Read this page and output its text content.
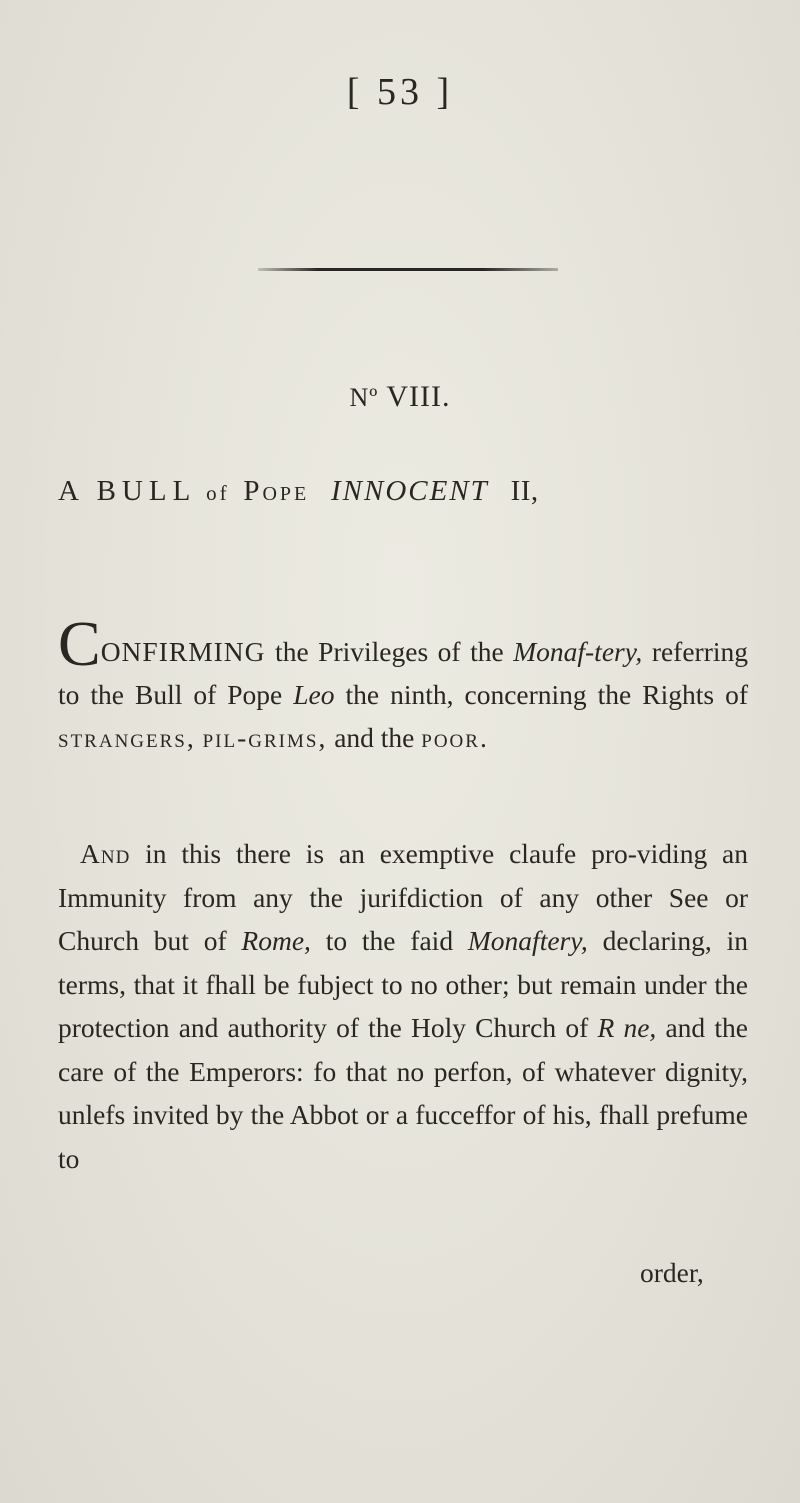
[ 53 ]
Nº VIII.
A BULL of Pope INNOCENT II,
CONFIRMING the Privileges of the Monaf-tery, referring to the Bull of Pope Leo the ninth, concerning the Rights of strangers, pil-grims, and the poor.
And in this there is an exemptive claufe pro-viding an Immunity from any the jurifdiction of any other See or Church but of Rome, to the faid Monaftery, declaring, in terms, that it fhall be fubject to no other; but remain under the protection and authority of the Holy Church of R ne, and the care of the Emperors: fo that no perfon, of whatever dignity, unlefs invited by the Abbot or a fucceffor of his, fhall prefume to
order,
